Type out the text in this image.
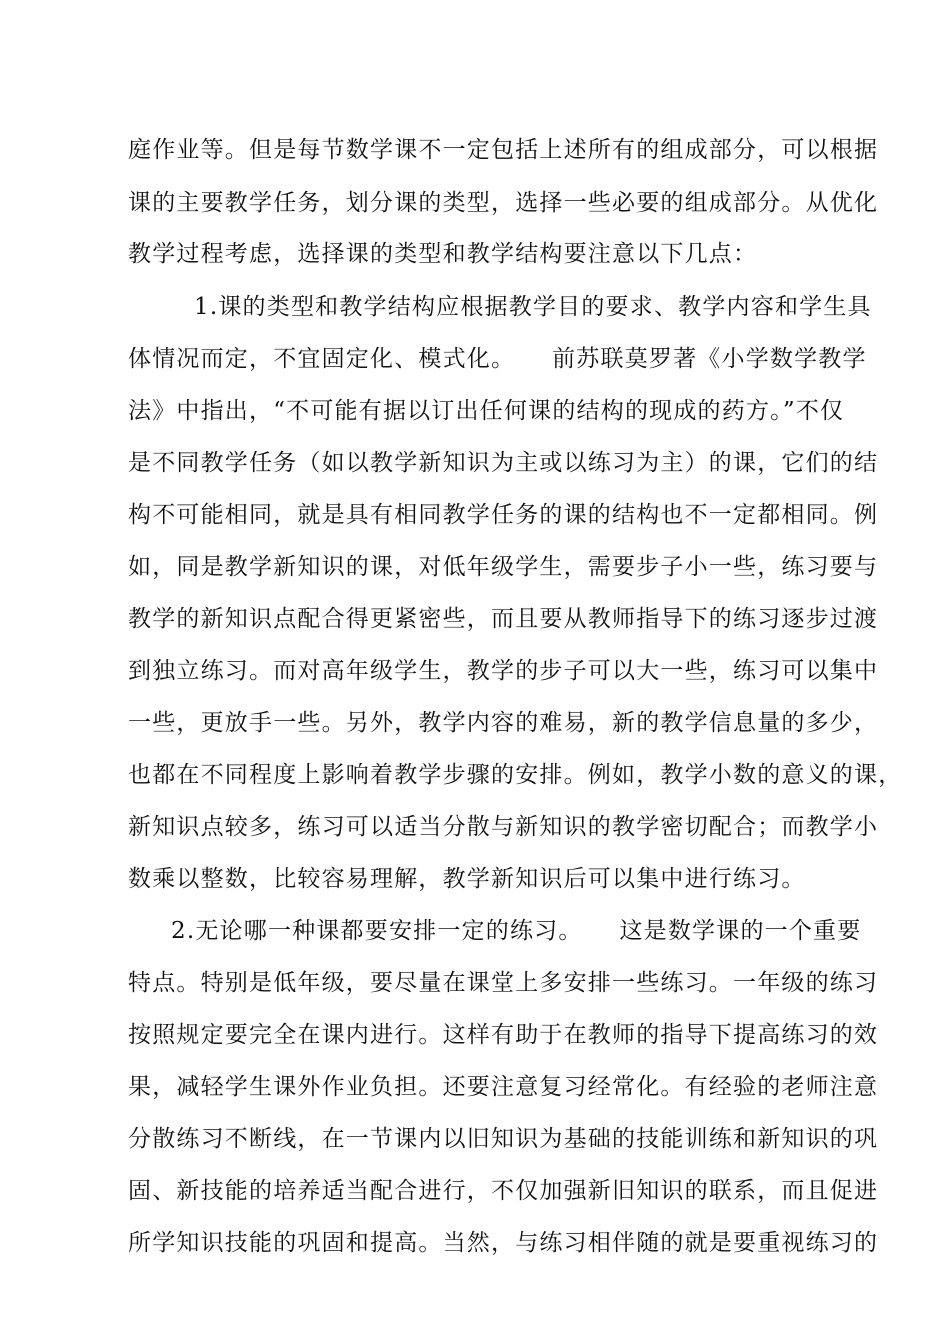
庭作业等。但是每节数学课不一定包括上述所有的组成部分，可以根据

课的主要教学任务，划分课的类型，选择一些必要的组成部分。从优化

教学过程考虑，选择课的类型和教学结构要注意以下几点：

1.课的类型和教学结构应根据教学目的要求、教学内容和学生具

体情况而定，不宜固定化、模式化。　　前苏联莫罗著《小学数学教学

法》中指出，“不可能有据以订出任何课的结构的现成的药方。”不仅

是不同教学任务（如以教学新知识为主或以练习为主）的课，它们的结

构不可能相同，就是具有相同教学任务的课的结构也不一定都相同。例

如，同是教学新知识的课，对低年级学生，需要步子小一些，练习要与

教学的新知识点配合得更紧密些，而且要从教师指导下的练习逐步过渡

到独立练习。而对高年级学生，教学的步子可以大一些，练习可以集中

一些，更放手一些。另外，教学内容的难易，新的教学信息量的多少，

也都在不同程度上影响着教学步骤的安排。例如，教学小数的意义的课，

新知识点较多，练习可以适当分散与新知识的教学密切配合；而教学小

数乘以整数，比较容易理解，教学新知识后可以集中进行练习。

2.无论哪一种课都要安排一定的练习。　　这是数学课的一个重要

特点。特别是低年级，要尽量在课堂上多安排一些练习。一年级的练习

按照规定要完全在课内进行。这样有助于在教师的指导下提高练习的效

果，减轻学生课外作业负担。还要注意复习经常化。有经验的老师注意

分散练习不断线，在一节课内以旧知识为基础的技能训练和新知识的巩

固、新技能的培养适当配合进行，不仅加强新旧知识的联系，而且促进

所学知识技能的巩固和提高。当然，与练习相伴随的就是要重视练习的
